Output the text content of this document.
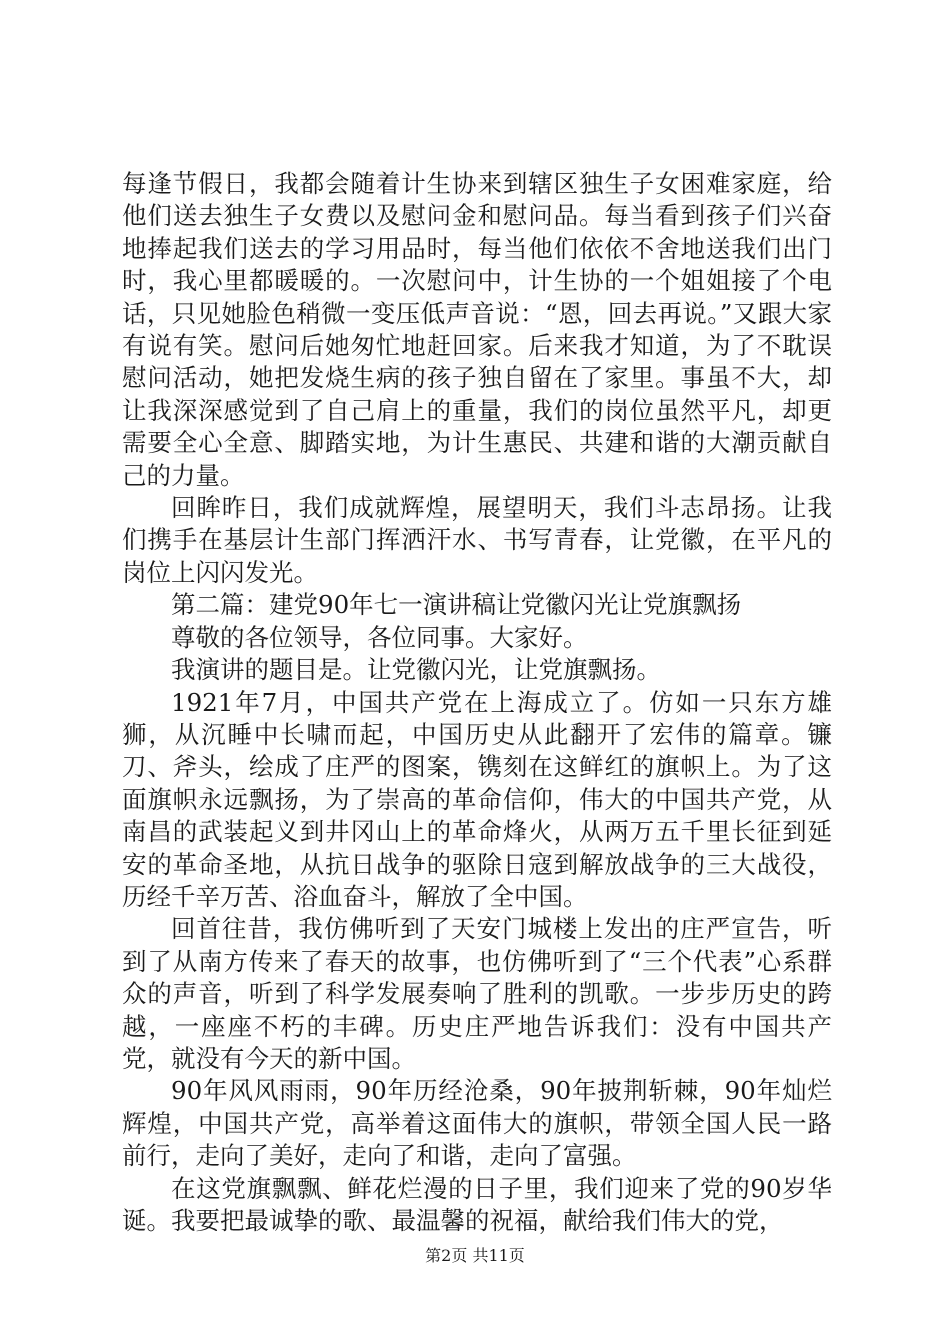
每逢节假日，我都会随着计生协来到辖区独生子女困难家庭，给他们送去独生子女费以及慰问金和慰问品。每当看到孩子们兴奋地捧起我们送去的学习用品时，每当他们依依不舍地送我们出门时，我心里都暖暖的。一次慰问中，计生协的一个姐姐接了个电话，只见她脸色稍微一变压低声音说：“恩，回去再说。”又跟大家有说有笑。慰问后她匆忙地赶回家。后来我才知道，为了不耽误慰问活动，她把发烧生病的孩子独自留在了家里。事虽不大，却让我深深感觉到了自己肩上的重量，我们的岗位虽然平凡，却更需要全心全意、脚踏实地，为计生惠民、共建和谐的大潮贡献自己的力量。

回眸昨日，我们成就辉煌，展望明天，我们斗志昂扬。让我们携手在基层计生部门挥洒汗水、书写青春，让党徽，在平凡的岗位上闪闪发光。

第二篇：建党90年七一演讲稿让党徽闪光让党旗飘扬

尊敬的各位领导，各位同事。大家好。

我演讲的题目是。让党徽闪光，让党旗飘扬。

1921年7月，中国共产党在上海成立了。仿如一只东方雄狮，从沉睡中长啸而起，中国历史从此翻开了宏伟的篇章。镰刀、斧头，绘成了庄严的图案，镌刻在这鲜红的旗帜上。为了这面旗帜永远飘扬，为了崇高的革命信仰，伟大的中国共产党，从南昌的武装起义到井冈山上的革命烽火，从两万五千里长征到延安的革命圣地，从抗日战争的驱除日寇到解放战争的三大战役，历经千辛万苦、浴血奋斗，解放了全中国。

回首往昔，我仿佛听到了天安门城楼上发出的庄严宣告，听到了从南方传来了春天的故事，也仿佛听到了“三个代表”心系群众的声音，听到了科学发展奏响了胜利的凯歌。一步步历史的跨越，一座座不朽的丰碑。历史庄严地告诉我们：没有中国共产党，就没有今天的新中国。

90年风风雨雨，90年历经沧桑，90年披荆斩棘，90年灿烂辉煌，中国共产党，高举着这面伟大的旗帜，带领全国人民一路前行，走向了美好，走向了和谐，走向了富强。

在这党旗飘飘、鲜花烂漫的日子里，我们迎来了党的90岁华诞。我要把最诚挚的歌、最温馨的祝福，献给我们伟大的党，

第2页 共11页
